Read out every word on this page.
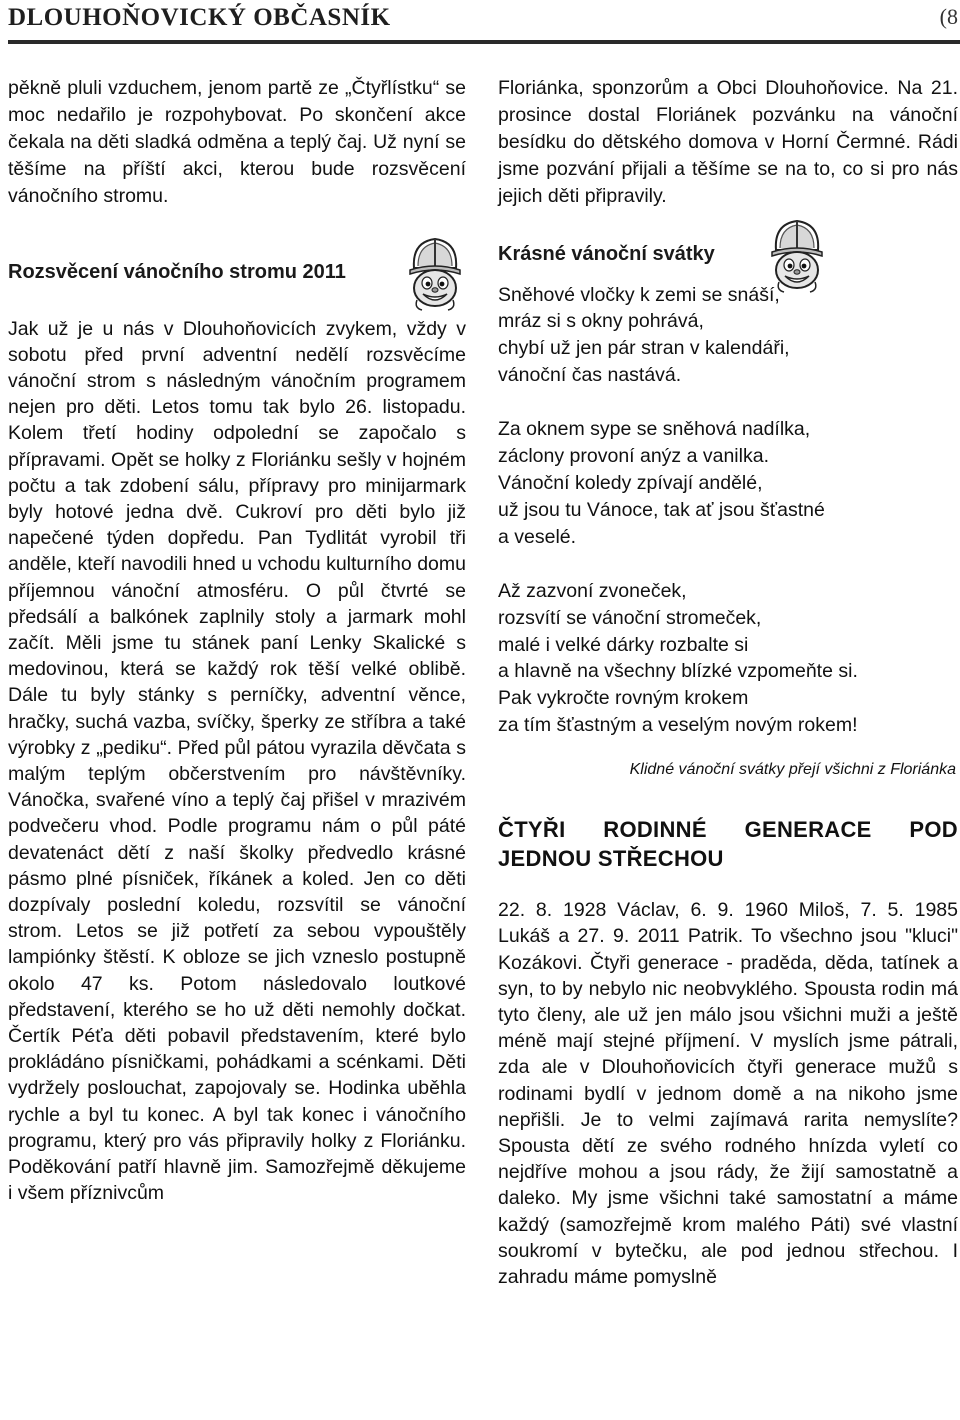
DLOUHOŇOVICKÝ OBČASNÍK	(8

pěkně pluli vzduchem, jenom partě ze „Čtyřlístku“ se moc nedařilo je rozpohybovat. Po skončení akce čekala na děti sladká odměna a teplý čaj. Už nyní se těšíme na příští akci, kterou bude rozsvěcení vánočního stromu.

Rozsvěcení vánočního stromu 2011

Jak už je u nás v Dlouhoňovicích zvykem, vždy v sobotu před první adventní nedělí rozsvěcíme vánoční strom s následným vánočním programem nejen pro děti. Letos tomu tak bylo 26. listopadu. Kolem třetí hodiny odpolední se započalo s přípravami. Opět se holky z Floriánku sešly v hojném počtu a tak zdobení sálu, přípravy pro minijarmark byly hotové jedna dvě. Cukroví pro děti bylo již napečené týden dopředu. Pan Tydlitát vyrobil tři anděle, kteří navodili hned u vchodu kulturního domu příjemnou vánoční atmosféru. O půl čtvrté se předsálí a balkónek zaplnily stoly a jarmark mohl začít. Měli jsme tu stánek paní Lenky Skalické s medovinou, která se každý rok těší velké oblibě. Dále tu byly stánky s perníčky, adventní věnce, hračky, suchá vazba, svíčky, šperky ze stříbra a také výrobky z „pediku“. Před půl pátou vyrazila děvčata s malým teplým občerstvením pro návštěvníky. Vánočka, svařené víno a teplý čaj přišel v mrazivém podvečeru vhod. Podle programu nám o půl páté devatenáct dětí z naší školky předvedlo krásné pásmo plné písniček, říkánek a koled. Jen co děti dozpívaly poslední koledu, rozsvítil se vánoční strom. Letos se již potřetí za sebou vypouštěly lampiónky štěstí. K obloze se jich vzneslo postupně okolo 47 ks. Potom následovalo loutkové představení, kterého se ho už děti nemohly dočkat. Čertík Péťa děti pobavil představením, které bylo prokládáno písničkami, pohádkami a scénkami. Děti vydržely poslouchat, zapojovaly se. Hodinka uběhla rychle a byl tu konec. A byl tak konec i vánočního programu, který pro vás připravily holky z Floriánku. Poděkování patří hlavně jim. Samozřejmě děkujeme i všem příznivcům

Floriánka, sponzorům a Obci Dlouhoňovice. Na 21. prosince dostal Floriánek pozvánku na vánoční besídku do dětského domova v Horní Čermné. Rádi jsme pozvání přijali a těšíme se na to, co si pro nás jejich děti připravily.

Krásné vánoční svátky

Sněhové vločky k zemi se snáší,

mráz si s okny pohrává,

chybí už jen pár stran v kalendáři,

vánoční čas nastává.

Za oknem sype se sněhová nadílka,

záclony provoní anýz a vanilka.

Vánoční koledy zpívají andělé,

už jsou tu Vánoce, tak ať jsou šťastné

a veselé.

Až zazvoní zvoneček,

rozsvítí se vánoční stromeček,

malé i velké dárky rozbalte si

a hlavně na všechny blízké vzpomeňte si.

Pak vykročte rovným krokem

za tím šťastným a veselým novým rokem!

Klidné vánoční svátky přejí všichni z Floriánka

ČTYŘI RODINNÉ GENERACE POD
JEDNOU STŘECHOU

22. 8. 1928 Václav, 6. 9. 1960 Miloš, 7. 5. 1985 Lukáš a 27. 9. 2011 Patrik. To všechno jsou "kluci" Kozákovi. Čtyři generace - praděda, děda, tatínek a syn, to by nebylo nic neobvyklého. Spousta rodin má tyto členy, ale už jen málo jsou všichni muži a ještě méně mají stejné příjmení. V myslích jsme pátrali, zda ale v Dlouhoňovicích čtyři generace mužů s rodinami bydlí v jednom domě a na nikoho jsme nepřišli. Je to velmi zajímavá rarita nemyslíte? Spousta dětí ze svého rodného hnízda vyletí co nejdříve mohou a jsou rády, že žijí samostatně a daleko. My jsme všichni také samostatní a máme každý (samozřejmě krom malého Páti) své vlastní soukromí v bytečku, ale pod jednou střechou. I zahradu máme pomyslně
